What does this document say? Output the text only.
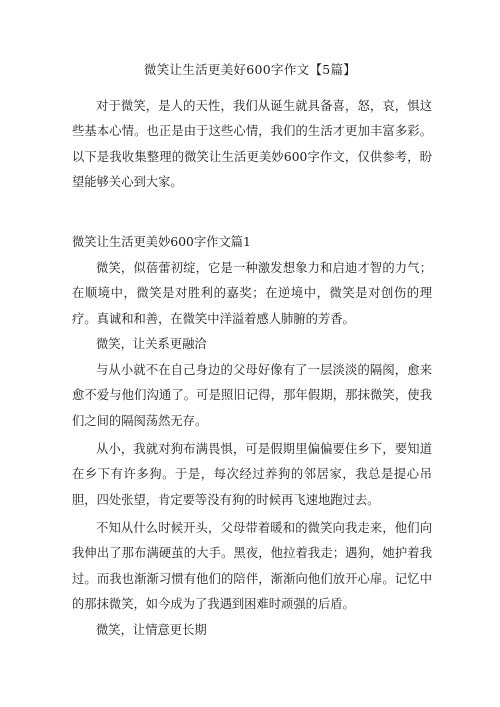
微笑让生活更美好600字作文【5篇】

对于微笑，是人的天性，我们从诞生就具备喜，怒，哀，惧这些基本心情。也正是由于这些心情，我们的生活才更加丰富多彩。以下是我收集整理的微笑让生活更美妙600字作文，仅供参考，盼望能够关心到大家。

微笑让生活更美妙600字作文篇1

微笑，似蓓蕾初绽，它是一种激发想象力和启迪才智的力气；在顺境中，微笑是对胜利的嘉奖；在逆境中，微笑是对创伤的理疗。真诚和和善，在微笑中洋溢着感人肺腑的芳香。

微笑，让关系更融洽

与从小就不在自己身边的父母好像有了一层淡淡的隔阂，愈来愈不爱与他们沟通了。可是照旧记得，那年假期，那抹微笑，使我们之间的隔阂荡然无存。

从小，我就对狗布满畏惧，可是假期里偏偏要住乡下，要知道在乡下有许多狗。于是，每次经过养狗的邻居家，我总是提心吊胆，四处张望，肯定要等没有狗的时候再飞速地跑过去。

不知从什么时候开头，父母带着暖和的微笑向我走来，他们向我伸出了那布满硬茧的大手。黑夜，他拉着我走；遇狗，她护着我过。而我也渐渐习惯有他们的陪伴，渐渐向他们放开心扉。记忆中的那抹微笑，如今成为了我遇到困难时顽强的后盾。

微笑，让情意更长期
